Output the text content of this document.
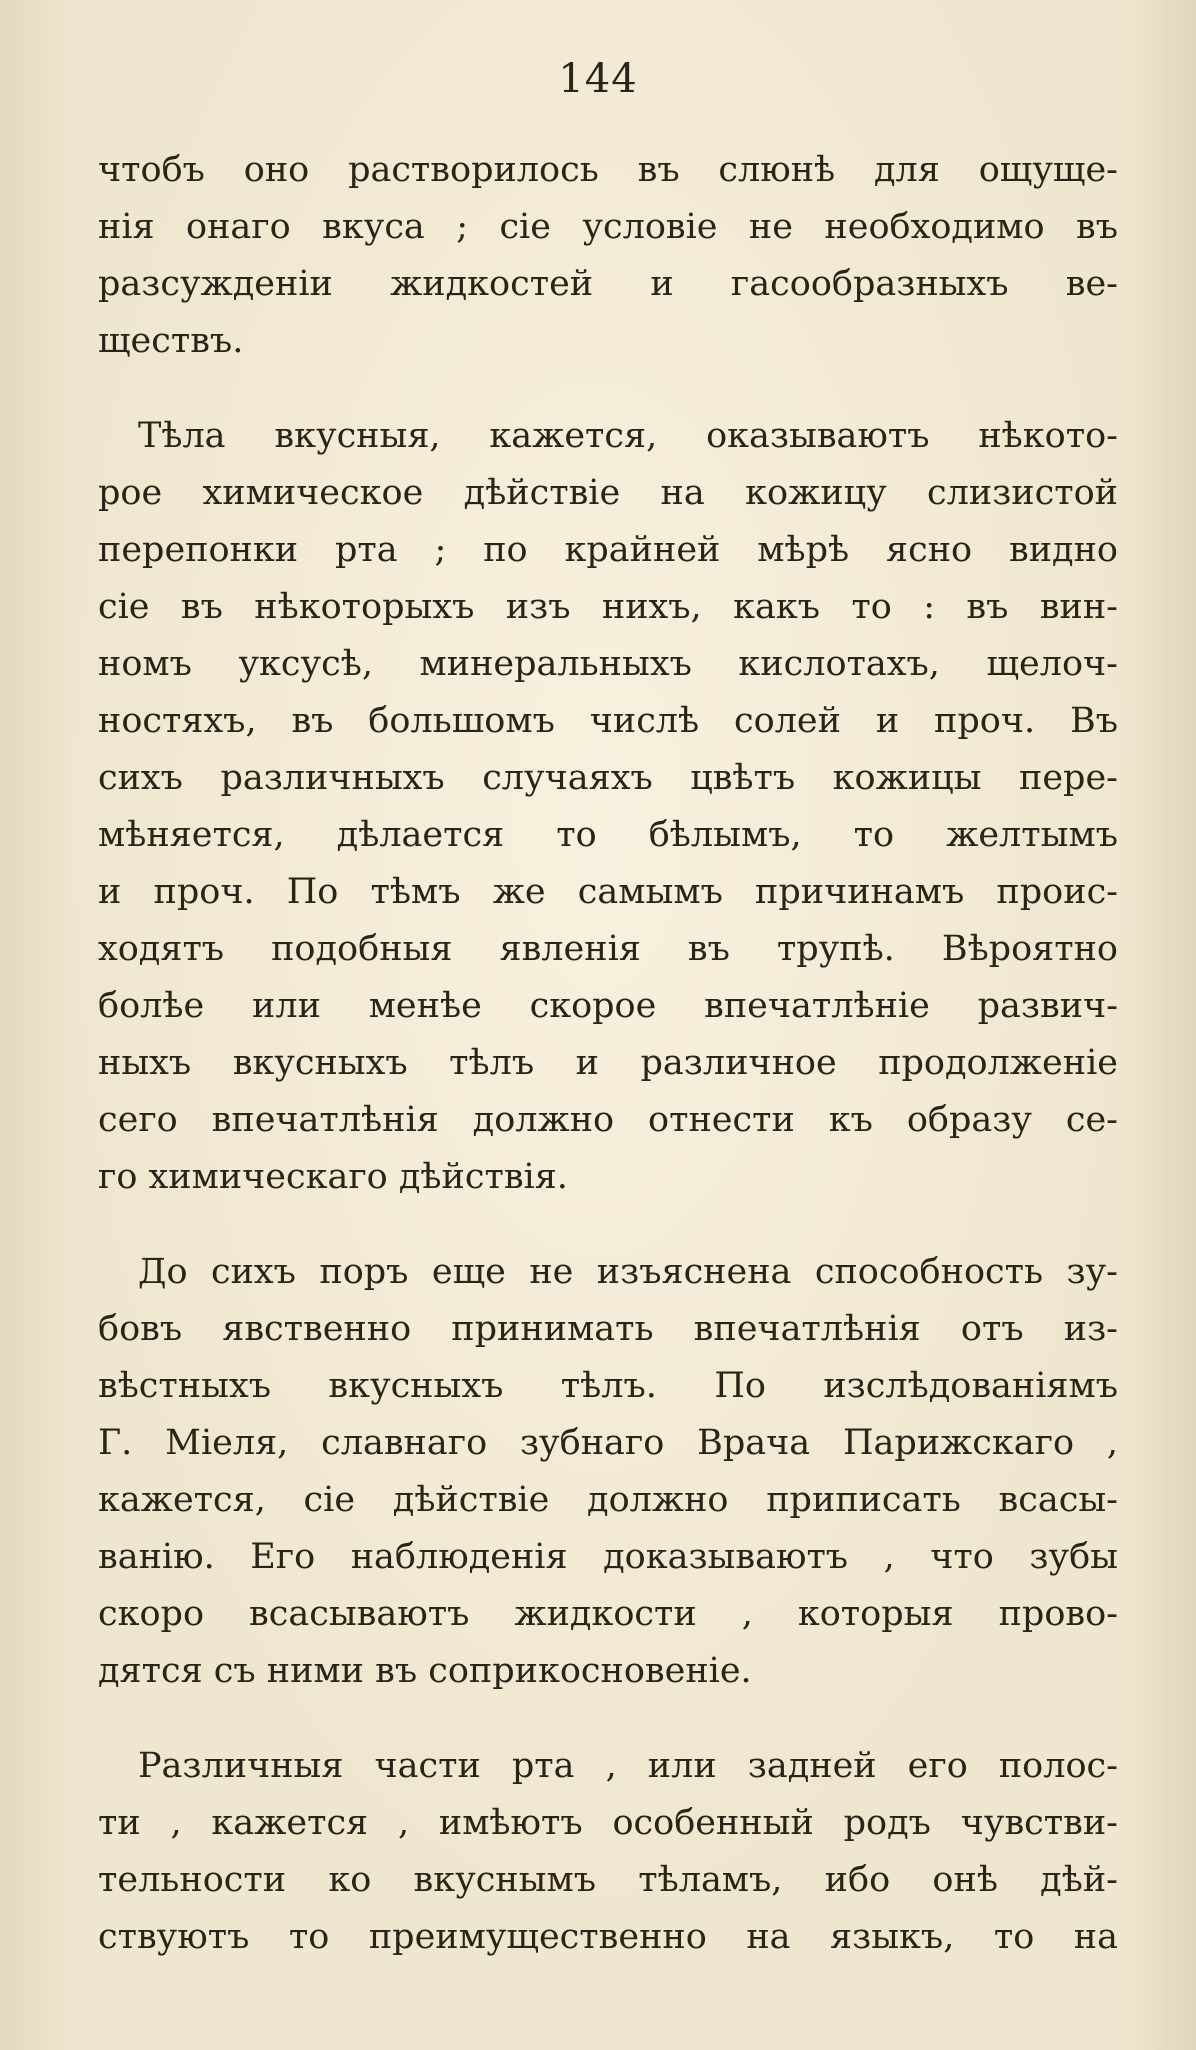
144
чтобъ оно растворилось въ слюнѣ для ощуще-
нія онаго вкуса ; сіе условіе не необходимо въ
разсужденіи жидкостей и гасообразныхъ ве-
ществъ.
Тѣла вкусныя, кажется, оказываютъ нѣкото-
рое химическое дѣйствіе на кожицу слизистой
перепонки рта ; по крайней мѣрѣ ясно видно
сіе въ нѣкоторыхъ изъ нихъ, какъ то : въ вин-
номъ уксусѣ, минеральныхъ кислотахъ, щелоч-
ностяхъ, въ большомъ числѣ солей и проч. Въ
сихъ различныхъ случаяхъ цвѣтъ кожицы пере-
мѣняется, дѣлается то бѣлымъ, то желтымъ
и проч. По тѣмъ же самымъ причинамъ проис-
ходятъ подобныя явленія въ трупѣ. Вѣроятно
болѣе или менѣе скорое впечатлѣніе развич-
ныхъ вкусныхъ тѣлъ и различное продолженіе
сего впечатлѣнія должно отнести къ образу се-
го химическаго дѣйствія.
До сихъ поръ еще не изъяснена способность зу-
бовъ явственно принимать впечатлѣнія отъ из-
вѣстныхъ вкусныхъ тѣлъ. По изслѣдованіямъ
Г. Міеля, славнаго зубнаго Врача Парижскаго ,
кажется, сіе дѣйствіе должно приписать всасы-
ванію. Его наблюденія доказываютъ , что зубы
скоро всасываютъ жидкости , которыя прово-
дятся съ ними въ соприкосновеніе.
Различныя части рта , или задней его полос-
ти , кажется , имѣютъ особенный родъ чувстви-
тельности ко вкуснымъ тѣламъ, ибо онѣ дѣй-
ствуютъ то преимущественно на языкъ, то на
